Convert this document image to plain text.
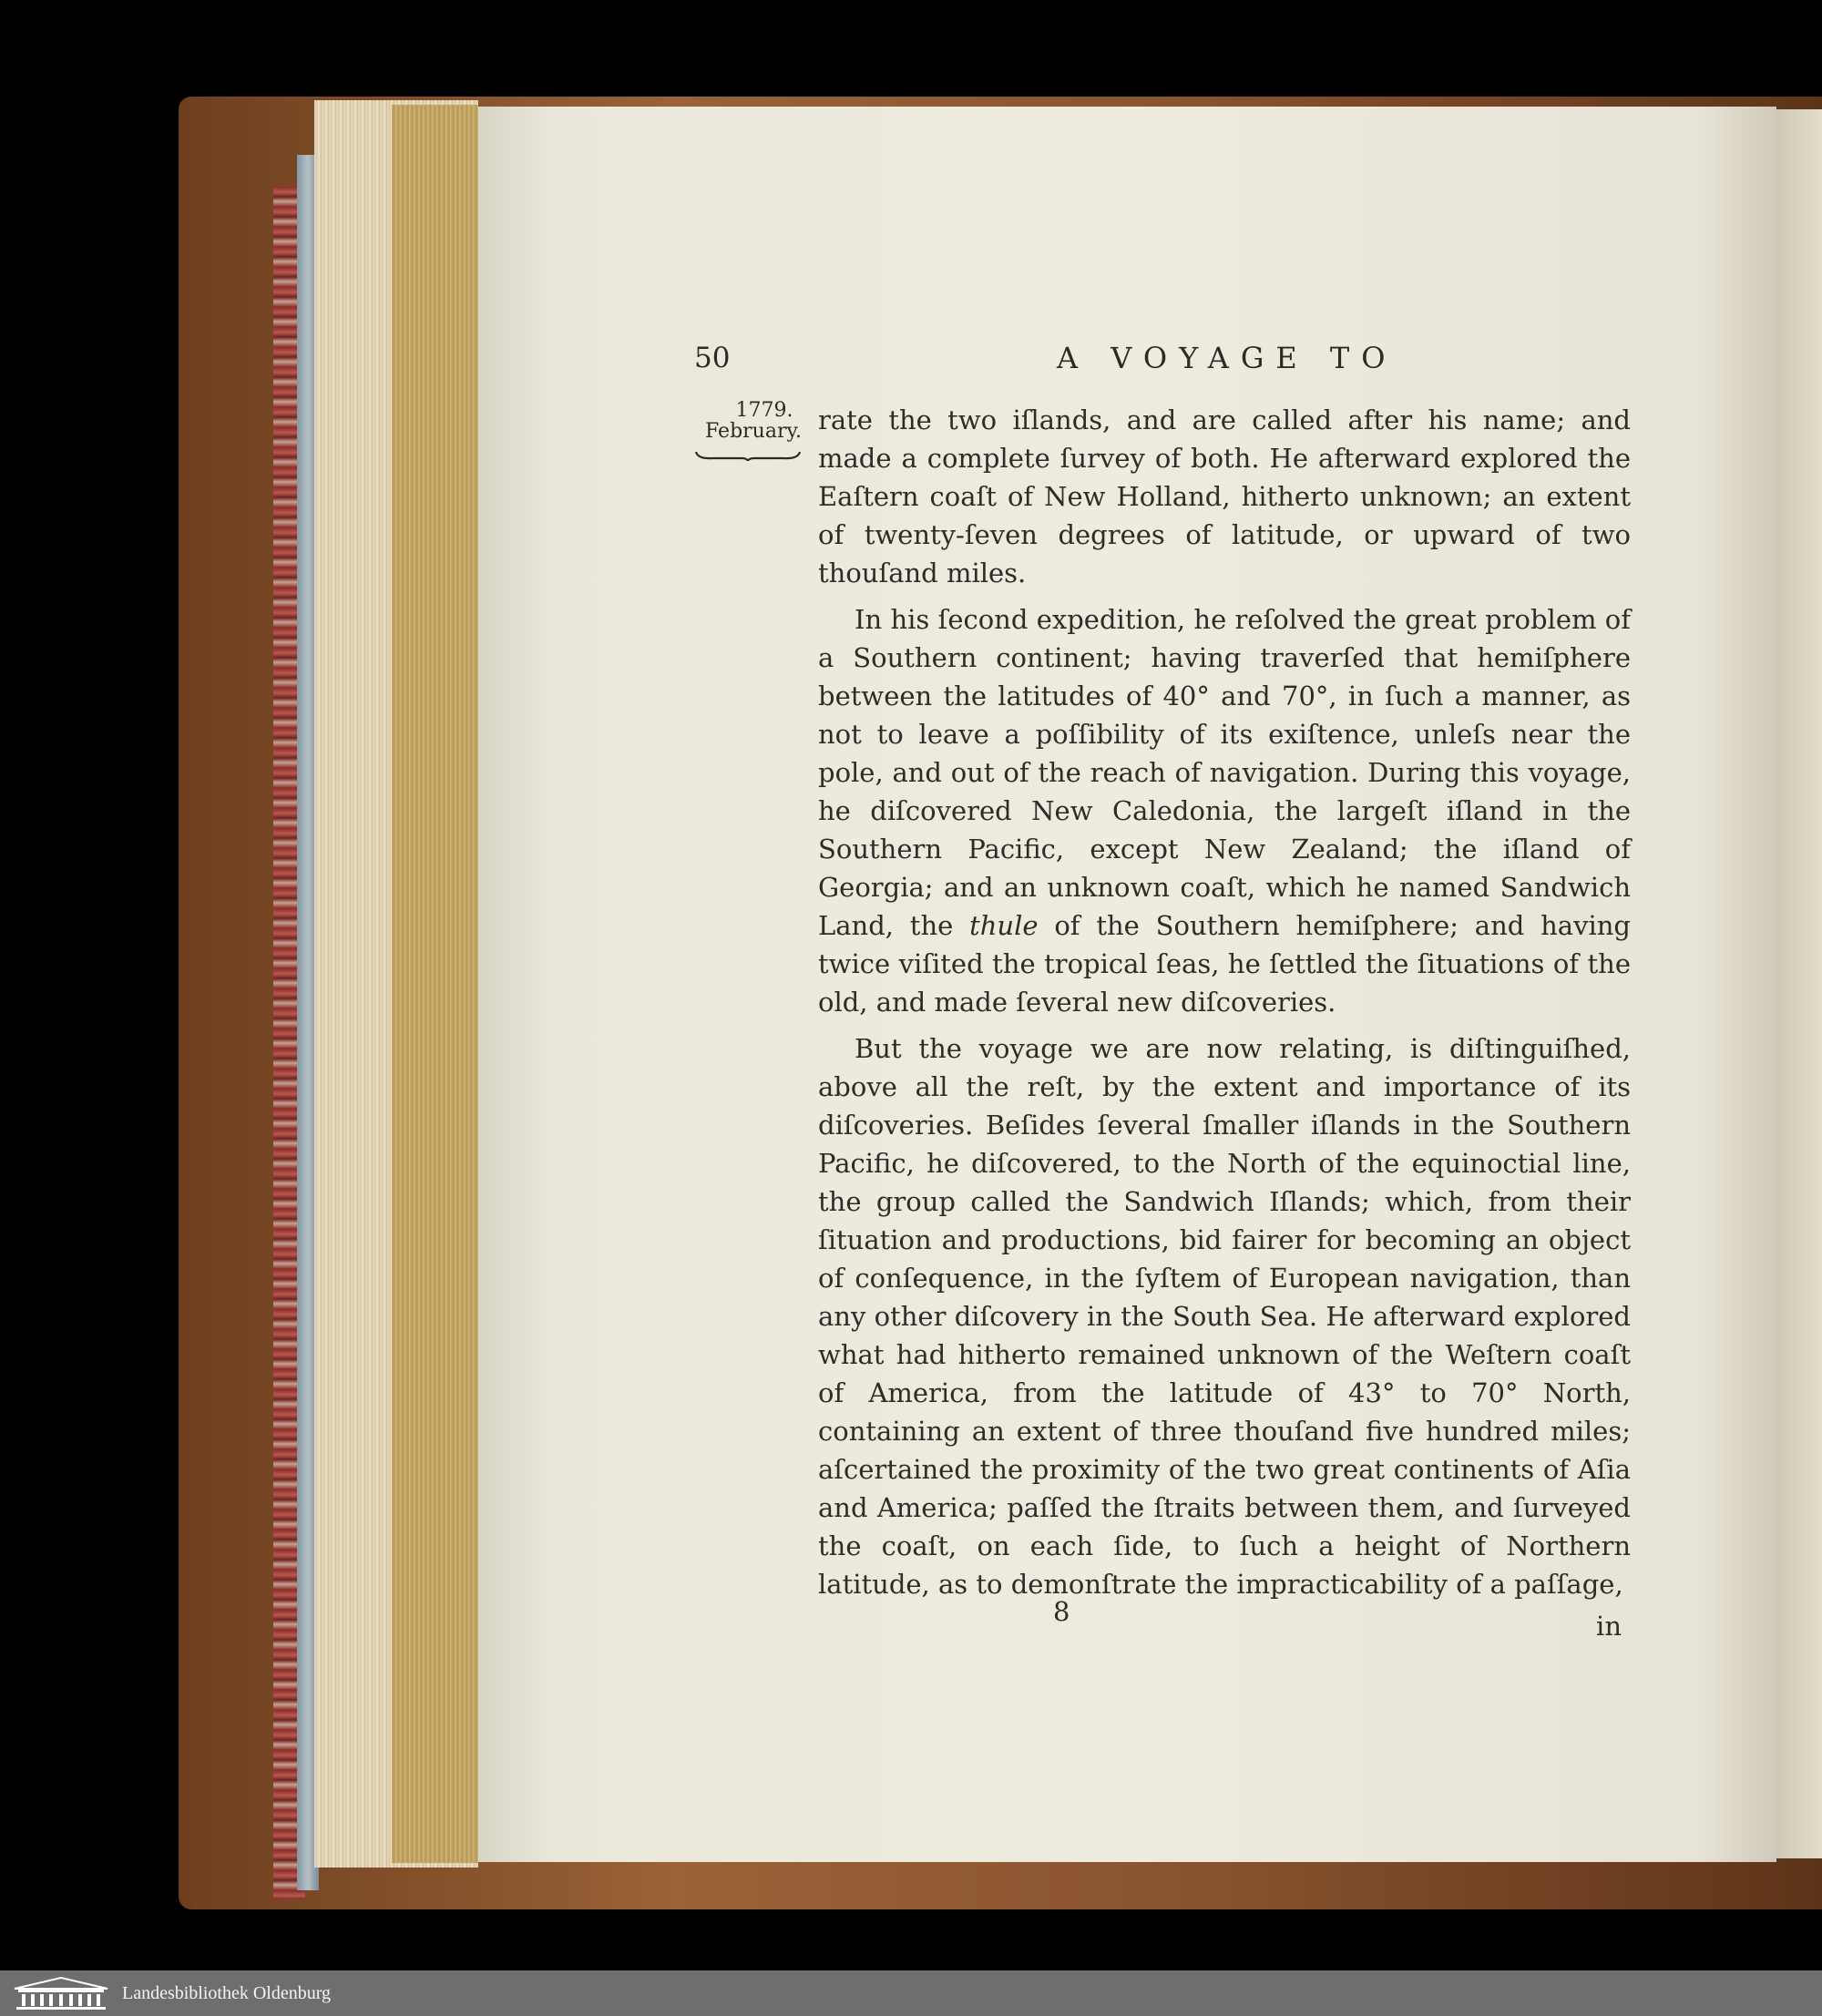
50	A VOYAGE TO

1779.
February. rate the two iſlands, and are called after his name; and made a complete ſurvey of both. He afterward explored the Eaſtern coaſt of New Holland, hitherto unknown; an extent of twenty-ſeven degrees of latitude, or upward of two thouſand miles.

In his ſecond expedition, he reſolved the great problem of a Southern continent; having traverſed that hemiſphere between the latitudes of 40° and 70°, in ſuch a manner, as not to leave a poſſibility of its exiſtence, unleſs near the pole, and out of the reach of navigation. During this voyage, he diſcovered New Caledonia, the largeſt iſland in the Southern Pacific, except New Zealand; the iſland of Georgia; and an unknown coaſt, which he named Sandwich Land, the thule of the Southern hemiſphere; and having twice viſited the tropical ſeas, he ſettled the ſituations of the old, and made ſeveral new diſcoveries.

But the voyage we are now relating, is diſtinguiſhed, above all the reſt, by the extent and importance of its diſcoveries. Beſides ſeveral ſmaller iſlands in the Southern Pacific, he diſcovered, to the North of the equinoctial line, the group called the Sandwich Iſlands; which, from their ſituation and productions, bid fairer for becoming an object of conſequence, in the ſyſtem of European navigation, than any other diſcovery in the South Sea. He afterward explored what had hitherto remained unknown of the Weſtern coaſt of America, from the latitude of 43° to 70° North, containing an extent of three thouſand five hundred miles; aſcertained the proximity of the two great continents of Aſia and America; paſſed the ſtraits between them, and ſurveyed the coaſt, on each ſide, to ſuch a height of Northern latitude, as to demonſtrate the impracticability of a paſſage,

8	in
Landesbibliothek Oldenburg
